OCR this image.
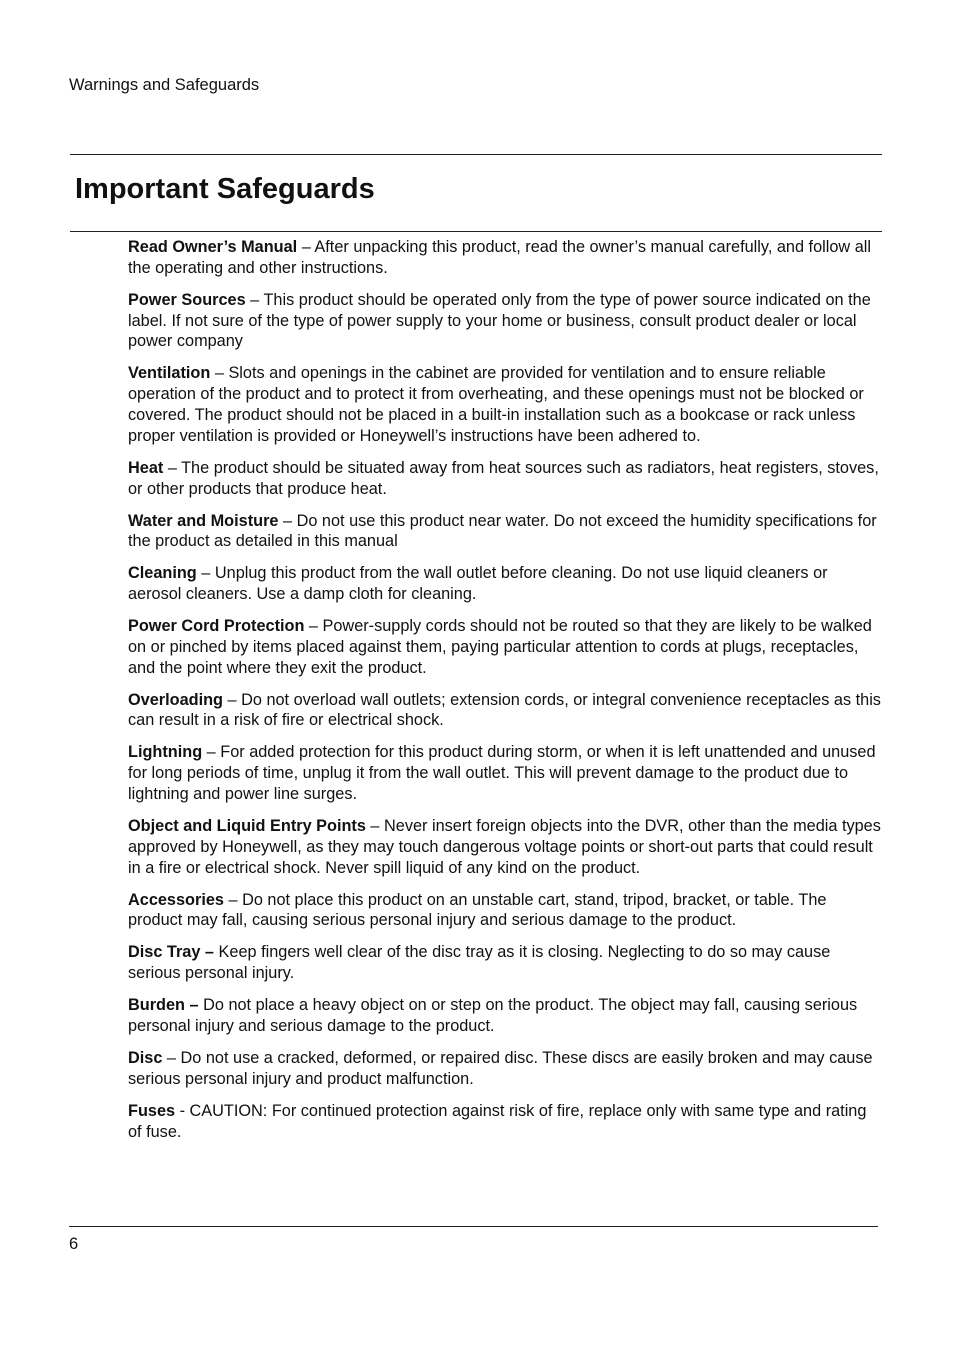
Warnings and Safeguards
Important Safeguards

Read Owner’s Manual – After unpacking this product, read the owner’s manual carefully, and follow all the operating and other instructions.

Power Sources – This product should be operated only from the type of power source indicated on the label. If not sure of the type of power supply to your home or business, consult product dealer or local power company

Ventilation – Slots and openings in the cabinet are provided for ventilation and to ensure reliable operation of the product and to protect it from overheating, and these openings must not be blocked or covered. The product should not be placed in a built-in installation such as a bookcase or rack unless proper ventilation is provided or Honeywell’s instructions have been adhered to.

Heat – The product should be situated away from heat sources such as radiators, heat registers, stoves, or other products that produce heat.

Water and Moisture – Do not use this product near water. Do not exceed the humidity specifications for the product as detailed in this manual

Cleaning – Unplug this product from the wall outlet before cleaning. Do not use liquid cleaners or aerosol cleaners. Use a damp cloth for cleaning.

Power Cord Protection – Power-supply cords should not be routed so that they are likely to be walked on or pinched by items placed against them, paying particular attention to cords at plugs, receptacles, and the point where they exit the product.

Overloading – Do not overload wall outlets; extension cords, or integral convenience receptacles as this can result in a risk of fire or electrical shock.

Lightning – For added protection for this product during storm, or when it is left unattended and unused for long periods of time, unplug it from the wall outlet. This will prevent damage to the product due to lightning and power line surges.

Object and Liquid Entry Points – Never insert foreign objects into the DVR, other than the media types approved by Honeywell, as they may touch dangerous voltage points or short-out parts that could result in a fire or electrical shock. Never spill liquid of any kind on the product.

Accessories – Do not place this product on an unstable cart, stand, tripod, bracket, or table. The product may fall, causing serious personal injury and serious damage to the product.

Disc Tray – Keep fingers well clear of the disc tray as it is closing. Neglecting to do so may cause serious personal injury.

Burden – Do not place a heavy object on or step on the product. The object may fall, causing serious personal injury and serious damage to the product.

Disc – Do not use a cracked, deformed, or repaired disc. These discs are easily broken and may cause serious personal injury and product malfunction.

Fuses - CAUTION: For continued protection against risk of fire, replace only with same type and rating of fuse.

6
